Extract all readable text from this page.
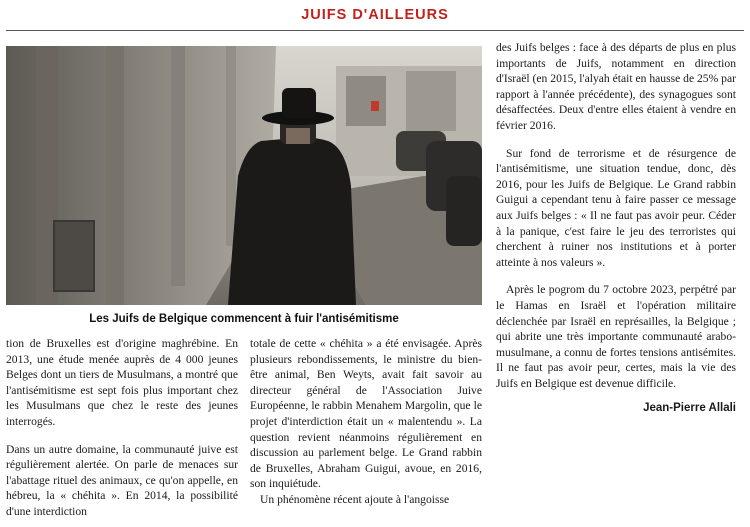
JUIFS D'AILLEURS
Les Juifs de Belgique commencent à fuir l'antisémitisme

tion de Bruxelles est d'origine maghrébine. En 2013, une étude menée auprès de 4 000 jeunes Belges dont un tiers de Musulmans, a montré que l'antisémitisme est sept fois plus important chez les Musulmans que chez le reste des jeunes interrogés.

Dans un autre domaine, la communauté juive est régulièrement alertée. On parle de menaces sur l'abattage rituel des animaux, ce qu'on appelle, en hébreu, la « chéhita ». En 2014, la possibilité d'une interdiction

totale de cette « chéhita » a été envisagée. Après plusieurs rebondissements, le ministre du bien-être animal, Ben Weyts, avait fait savoir au directeur général de l'Association Juive Européenne, le rabbin Menahem Margolin, que le projet d'interdiction était un « malentendu ». La question revient néanmoins régulièrement en discussion au parlement belge. Le Grand rabbin de Bruxelles, Abraham Guigui, avoue, en 2016, son inquiétude.

Un phénomène récent ajoute à l'angoisse

des Juifs belges : face à des départs de plus en plus importants de Juifs, notamment en direction d'Israël (en 2015, l'alyah était en hausse de 25% par rapport à l'année précédente), des synagogues sont désaffectées. Deux d'entre elles étaient à vendre en février 2016.

Sur fond de terrorisme et de résurgence de l'antisémitisme, une situation tendue, donc, dès 2016, pour les Juifs de Belgique. Le Grand rabbin Guigui a cependant tenu à faire passer ce message aux Juifs belges : « Il ne faut pas avoir peur. Céder à la panique, c'est faire le jeu des terroristes qui cherchent à ruiner nos institutions et à porter atteinte à nos valeurs ».

Après le pogrom du 7 octobre 2023, perpétré par le Hamas en Israël et l'opération militaire déclenchée par Israël en représailles, la Belgique ; qui abrite une très importante communauté arabo-musulmane, a connu de fortes tensions antisémites. Il ne faut pas avoir peur, certes, mais la vie des Juifs en Belgique est devenue difficile.

Jean-Pierre Allali
